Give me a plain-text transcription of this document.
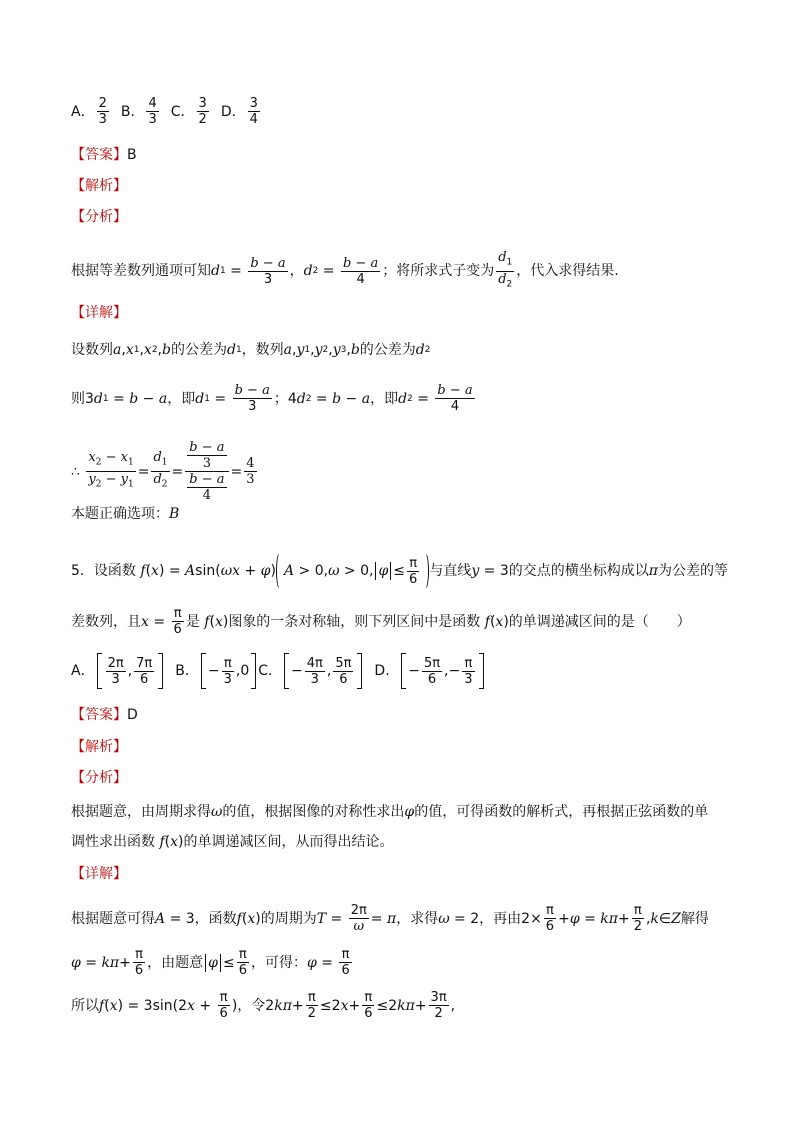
A． $\frac{2}{3}$ B． $\frac{4}{3}$ C． $\frac{3}{2}$ D． $\frac{3}{4}$
【答案】 B
【解析】
【分析】
根据等差数列通项可知 d $1 = \frac{b - a}{3}$ ， d $2 = \frac{b - a}{4}$ ；将所求式子变为 $\frac{d_1}{d_2}$ ，代入求得结果.
【详解】
设数列 a , x 1 , x 2 , b 的公差为 d 1 ，数列 a , y 1 , y 2 , y 3 , b 的公差为 d 2
则 3 d 1 = b − a ，即 d $1 = \frac{b - a}{3}$ ； 4 d 2 = b − a ，即 d $2 = \frac{b - a}{4}$
∴ $\frac{x_2 - x_1}{y_2 - y_1} = \frac{d_1}{d_2} = \frac{\frac{b - a}{3}}{\frac{b - a}{4}} = \frac{4}{3}$
本题正确选项： B
5． 设函数 f ( x ) = A sin ( ωx + φ ) A > 0, ω > 0, $\varphi \le \frac{\pi}{6}$ 与直线 y = 3 的交点的横坐标构成以 π 为公差的等
差数列，且 $x = \frac{\pi}{6}$ 是 f ( x ) 图象的一条对称轴，则下列区间中是函数 f ( x ) 的单调递减区间的是（　　）
A． $\frac{2\pi}{3}$ , $\frac{7\pi}{6}$ B． − $\frac{\pi}{3} ,0$ C． − $\frac{4\pi}{3}$ , $\frac{5\pi}{6}$ D． − $\frac{5\pi}{6}$ ,− $\frac{\pi}{3}$
【答案】 D
【解析】
【分析】
根据题意，由周期求得 ω 的值，根据图像的对称性求出 φ 的值，可得函数的解析式，再根据正弦函数的单
调性求出函数 f ( x ) 的单调递减区间，从而得出结论。
【详解】
根据题意可得 A = 3 ，函数 f ( x ) 的周期为 $T = \frac{2\pi}{\omega} = \pi$ ，求得 ω = 2 ，再由 $2\times \frac{\pi}{6} + \varphi = k\pi + \frac{\pi}{2}$ , k ∈ Z 解得
$\varphi = k\pi + \frac{\pi}{6}$ ，由题意 $\varphi \le \frac{\pi}{6}$ ，可得： $\varphi = \frac{\pi}{6}$
所以 f ( x ) = 3sin(2 $x + \frac{\pi}{6}$ ) ，令 2 $k\pi + \frac{\pi}{2} \le 2$ $x + \frac{\pi}{6} \le 2$ $k\pi + \frac{3\pi}{2}$ ,
